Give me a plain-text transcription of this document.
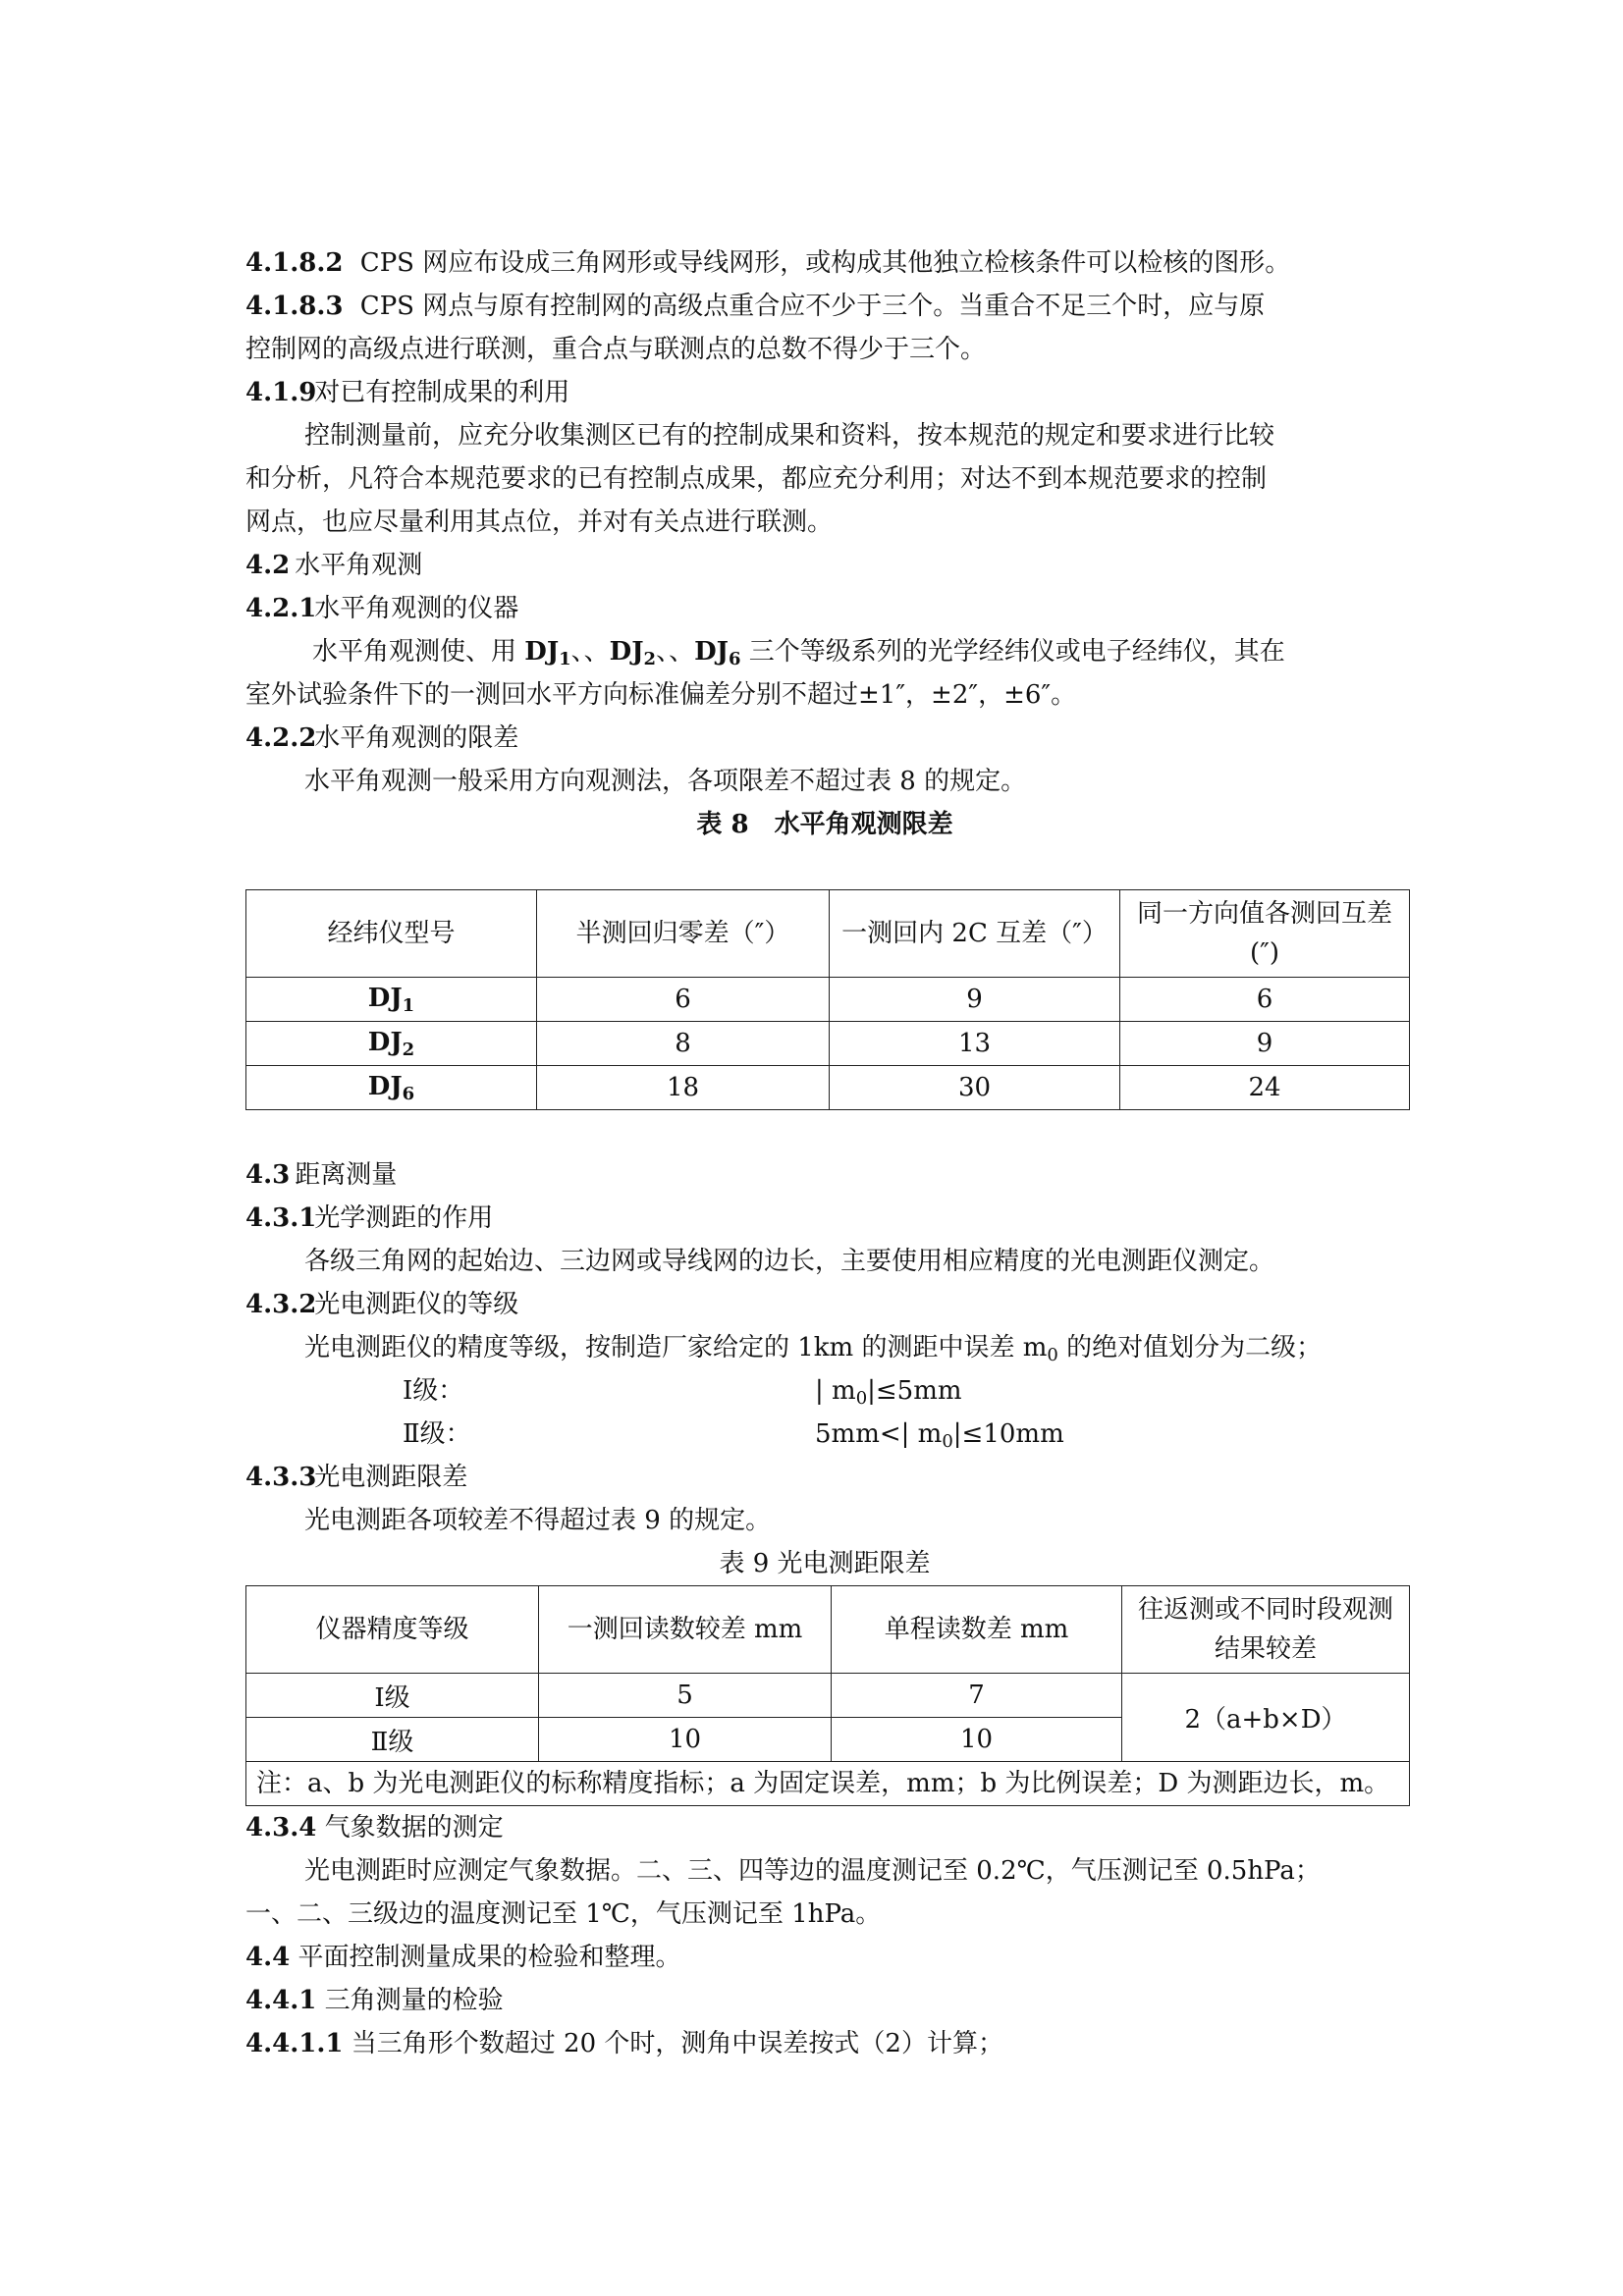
4.1.8.2 CPS 网应布设成三角网形或导线网形，或构成其他独立检核条件可以检核的图形。
4.1.8.3 CPS 网点与原有控制网的高级点重合应不少于三个。当重合不足三个时，应与原
控制网的高级点进行联测，重合点与联测点的总数不得少于三个。
4.1.9 对已有控制成果的利用
控制测量前，应充分收集测区已有的控制成果和资料，按本规范的规定和要求进行比较
和分析，凡符合本规范要求的已有控制点成果，都应充分利用；对达不到本规范要求的控制
网点，也应尽量利用其点位，并对有关点进行联测。
4.2 水平角观测
4.2.1 水平角观测的仪器
水平角观测使、用 $DJ_1$、、$DJ_2$、、$DJ_6$ 三个等级系列的光学经纬仪或电子经纬仪，其在
室外试验条件下的一测回水平方向标准偏差分别不超过±1″，±2″，±6″。
4.2.2 水平角观测的限差
水平角观测一般采用方向观测法，各项限差不超过表 8 的规定。
表 8　水平角观测限差
经纬仪型号	半测回归零差（″）	一测回内 2C 互差（″）	同一方向值各测回互差(″)
$DJ_1$	6	9	6
$DJ_2$	8	13	9
$DJ_6$	18	30	24
4.3 距离测量
4.3.1 光学测距的作用
各级三角网的起始边、三边网或导线网的边长，主要使用相应精度的光电测距仪测定。
4.3.2 光电测距仪的等级
光电测距仪的精度等级，按制造厂家给定的 1km 的测距中误差 $m_0$ 的绝对值划分为二级；
Ⅰ级：	| $m_0|\le 5mm$
Ⅱ级：	5mm<| $m_0|\le 10mm$
4.3.3 光电测距限差
光电测距各项较差不得超过表 9 的规定。
表 9 光电测距限差
仪器精度等级	一测回读数较差 mm	单程读数差 mm	往返测或不同时段观测结果较差
Ⅰ级	5	7	2（a+b×D）
Ⅱ级	10	10	
注：a、b 为光电测距仪的标称精度指标；a 为固定误差，mm；b 为比例误差；D 为测距边长，m。			
4.3.4 气象数据的测定
光电测距时应测定气象数据。二、三、四等边的温度测记至 0.2℃，气压测记至 0.5hPa；
一、二、三级边的温度测记至 1℃，气压测记至 1hPa。
4.4 平面控制测量成果的检验和整理。
4.4.1 三角测量的检验
4.4.1.1 当三角形个数超过 20 个时，测角中误差按式（2）计算；
